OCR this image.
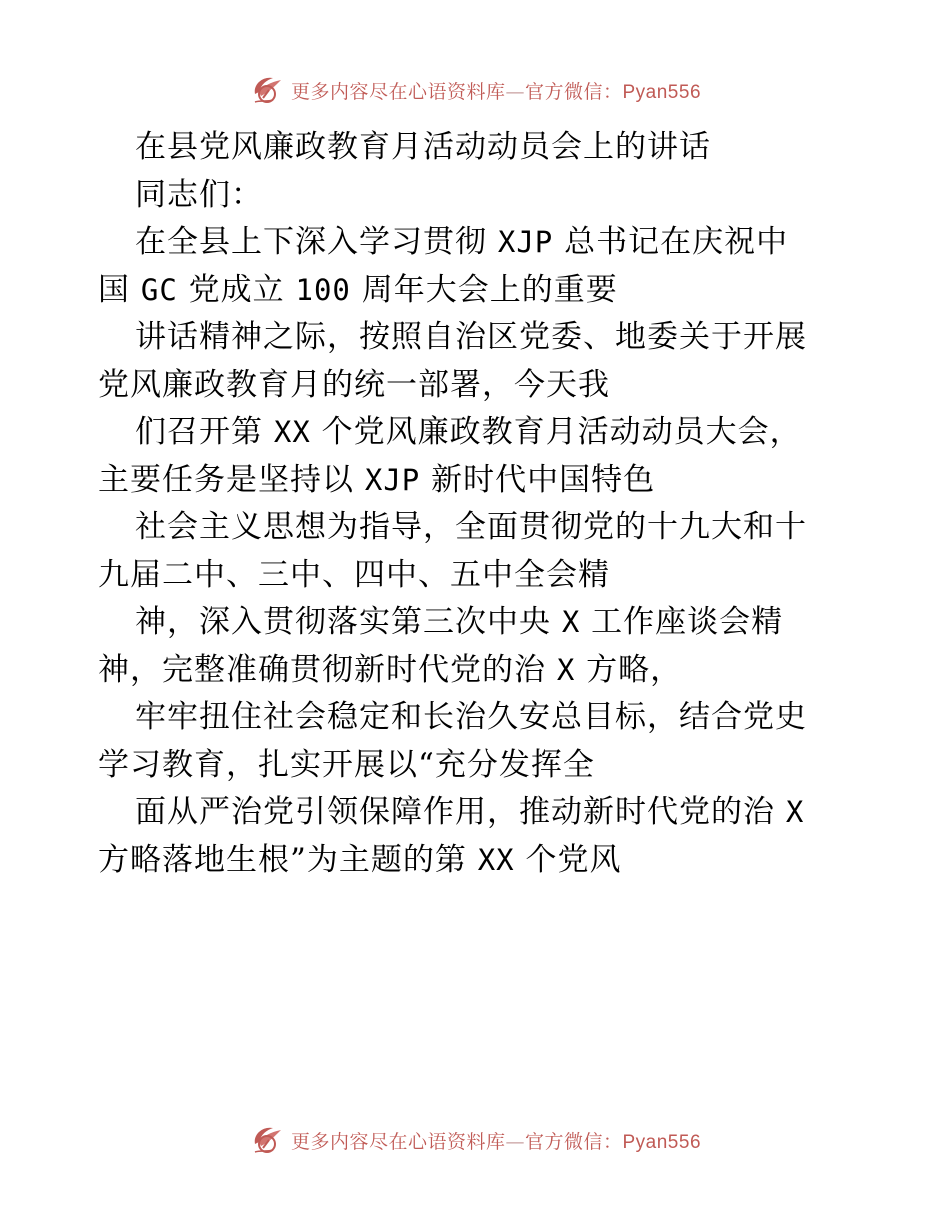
更多内容尽在心语资料库—官方微信：Pyan556
在县党风廉政教育月活动动员会上的讲话
同志们：
在全县上下深入学习贯彻 XJP 总书记在庆祝中
国 GC 党成立 100 周年大会上的重要
讲话精神之际，按照自治区党委、地委关于开展
党风廉政教育月的统一部署，今天我
们召开第 XX 个党风廉政教育月活动动员大会，
主要任务是坚持以 XJP 新时代中国特色
社会主义思想为指导，全面贯彻党的十九大和十
九届二中、三中、四中、五中全会精
神，深入贯彻落实第三次中央 X 工作座谈会精
神，完整准确贯彻新时代党的治 X 方略，
牢牢扭住社会稳定和长治久安总目标，结合党史
学习教育，扎实开展以“充分发挥全
面从严治党引领保障作用，推动新时代党的治 X
方略落地生根”为主题的第 XX 个党风
更多内容尽在心语资料库—官方微信：Pyan556
